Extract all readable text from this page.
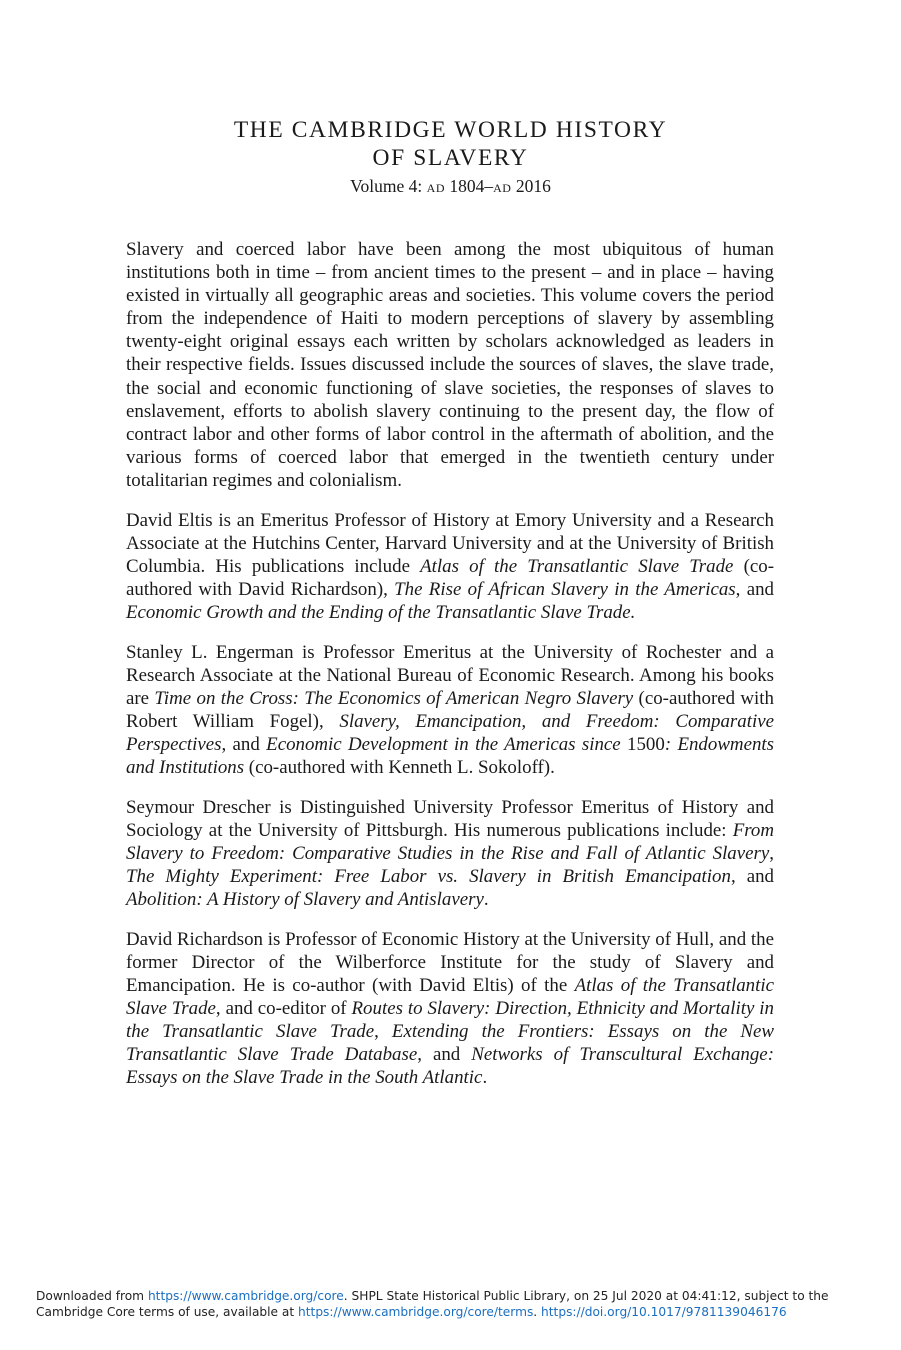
THE CAMBRIDGE WORLD HISTORY
OF SLAVERY
Volume 4: ad 1804–ad 2016

Slavery and coerced labor have been among the most ubiquitous of human institutions both in time – from ancient times to the present – and in place – having existed in virtually all geographic areas and societies. This volume covers the period from the independence of Haiti to modern perceptions of slavery by assembling twenty-eight original essays each written by scholars acknowledged as leaders in their respective fields. Issues discussed include the sources of slaves, the slave trade, the social and economic functioning of slave societies, the responses of slaves to enslavement, efforts to abolish slavery continuing to the present day, the flow of contract labor and other forms of labor control in the aftermath of abolition, and the various forms of coerced labor that emerged in the twentieth century under totalitarian regimes and colonialism.

David Eltis is an Emeritus Professor of History at Emory University and a Research Associate at the Hutchins Center, Harvard University and at the University of British Columbia. His publications include Atlas of the Transatlantic Slave Trade (co-authored with David Richardson), The Rise of African Slavery in the Americas, and Economic Growth and the Ending of the Transatlantic Slave Trade.

Stanley L. Engerman is Professor Emeritus at the University of Rochester and a Research Associate at the National Bureau of Economic Research. Among his books are Time on the Cross: The Economics of American Negro Slavery (co-authored with Robert William Fogel), Slavery, Emancipation, and Freedom: Comparative Perspectives, and Economic Development in the Americas since 1500: Endowments and Institutions (co-authored with Kenneth L. Sokoloff).

Seymour Drescher is Distinguished University Professor Emeritus of History and Sociology at the University of Pittsburgh. His numerous publications include: From Slavery to Freedom: Comparative Studies in the Rise and Fall of Atlantic Slavery, The Mighty Experiment: Free Labor vs. Slavery in British Emancipation, and Abolition: A History of Slavery and Antislavery.

David Richardson is Professor of Economic History at the University of Hull, and the former Director of the Wilberforce Institute for the study of Slavery and Emancipation. He is co-author (with David Eltis) of the Atlas of the Transatlantic Slave Trade, and co-editor of Routes to Slavery: Direction, Ethnicity and Mortality in the Transatlantic Slave Trade, Extending the Frontiers: Essays on the New Transatlantic Slave Trade Database, and Networks of Transcultural Exchange: Essays on the Slave Trade in the South Atlantic.

Downloaded from https://www.cambridge.org/core. SHPL State Historical Public Library, on 25 Jul 2020 at 04:41:12, subject to the Cambridge Core terms of use, available at https://www.cambridge.org/core/terms. https://doi.org/10.1017/9781139046176
